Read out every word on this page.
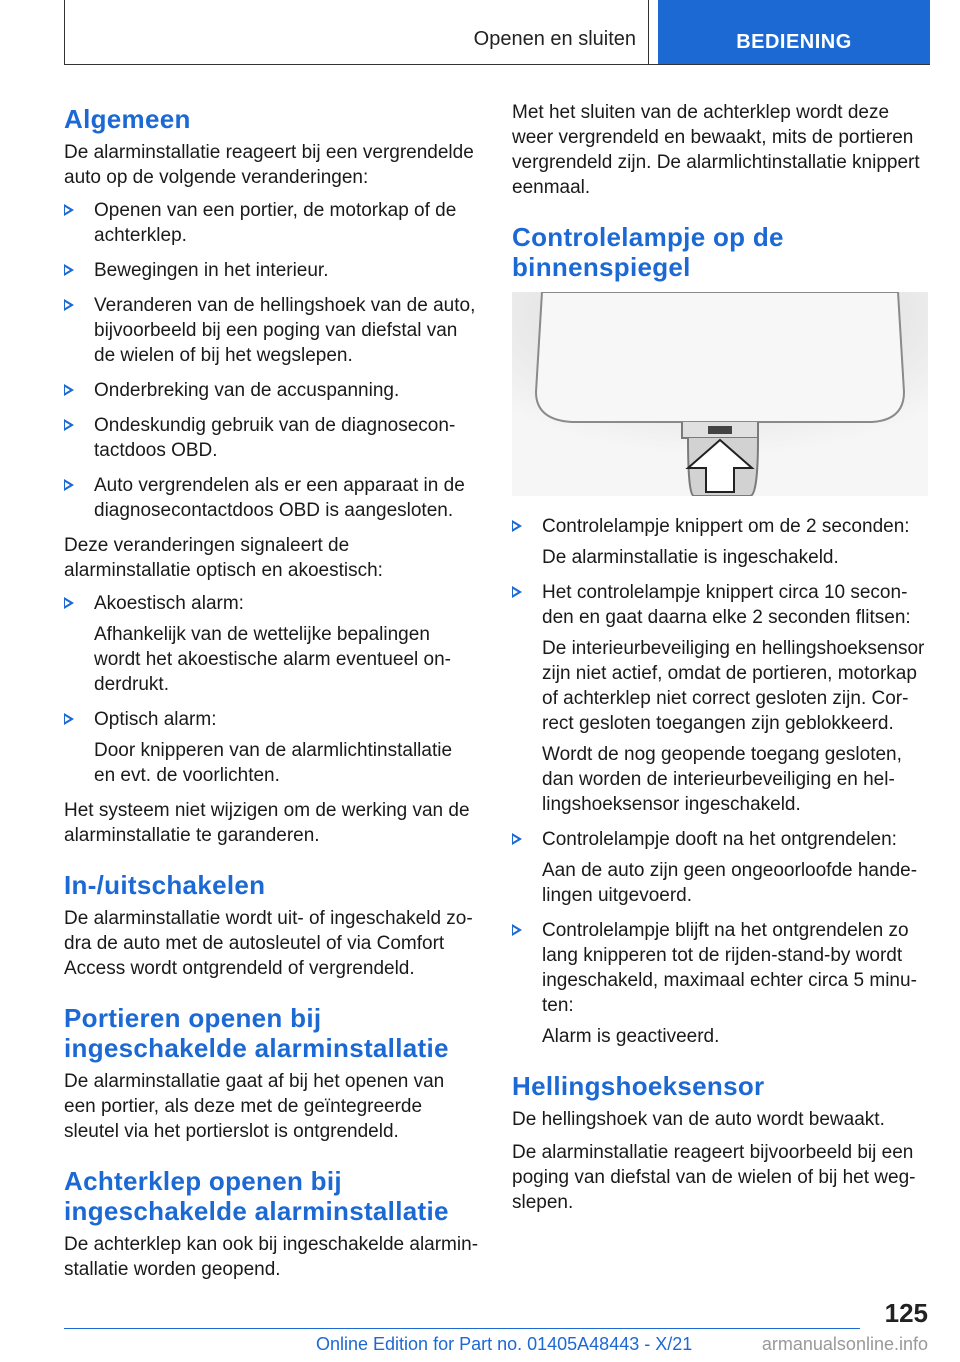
Openen en sluiten	BEDIENING
Algemeen

De alarminstallatie reageert bij een vergrendelde auto op de volgende veranderingen:

Openen van een portier, de motorkap of de achterklep.
Bewegingen in het interieur.
Veranderen van de hellingshoek van de auto, bijvoorbeeld bij een poging van diefstal van de wielen of bij het wegslepen.
Onderbreking van de accuspanning.
Ondeskundig gebruik van de diagnosecontactdoos OBD.
Auto vergrendelen als er een apparaat in de diagnosecontactdoos OBD is aangesloten.

Deze veranderingen signaleert de alarminstallatie optisch en akoestisch:

Akoestisch alarm:
Afhankelijk van de wettelijke bepalingen wordt het akoestische alarm eventueel onderdrukt.
Optisch alarm:
Door knipperen van de alarmlichtinstallatie en evt. de voorlichten.

Het systeem niet wijzigen om de werking van de alarminstallatie te garanderen.

In-/uitschakelen

De alarminstallatie wordt uit- of ingeschakeld zodra de auto met de autosleutel of via Comfort Access wordt ontgrendeld of vergrendeld.

Portieren openen bij ingeschakelde alarminstallatie

De alarminstallatie gaat af bij het openen van een portier, als deze met de geïntegreerde sleutel via het portierslot is ontgrendeld.

Achterklep openen bij ingeschakelde alarminstallatie

De achterklep kan ook bij ingeschakelde alarminstallatie worden geopend.

Met het sluiten van de achterklep wordt deze weer vergrendeld en bewaakt, mits de portieren vergrendeld zijn. De alarmlichtinstallatie knippert eenmaal.

Controlelampje op de binnenspiegel
Controlelampje knippert om de 2 seconden:
De alarminstallatie is ingeschakeld.
Het controlelampje knippert circa 10 seconden en gaat daarna elke 2 seconden flitsen:
De interieurbeveiliging en hellingshoeksensor zijn niet actief, omdat de portieren, motorkap of achterklep niet correct gesloten zijn. Correct gesloten toegangen zijn geblokkeerd.
Wordt de nog geopende toegang gesloten, dan worden de interieurbeveiliging en hellingshoeksensor ingeschakeld.
Controlelampje dooft na het ontgrendelen:
Aan de auto zijn geen ongeoorloofde handelingen uitgevoerd.
Controlelampje blijft na het ontgrendelen zo lang knipperen tot de rijden-stand-by wordt ingeschakeld, maximaal echter circa 5 minuten:
Alarm is geactiveerd.
Hellingshoeksensor

De hellingshoek van de auto wordt bewaakt.

De alarminstallatie reageert bijvoorbeeld bij een poging van diefstal van de wielen of bij het wegslepen.

125
Online Edition for Part no. 01405A48443 - X/21	armanualsonline.info
